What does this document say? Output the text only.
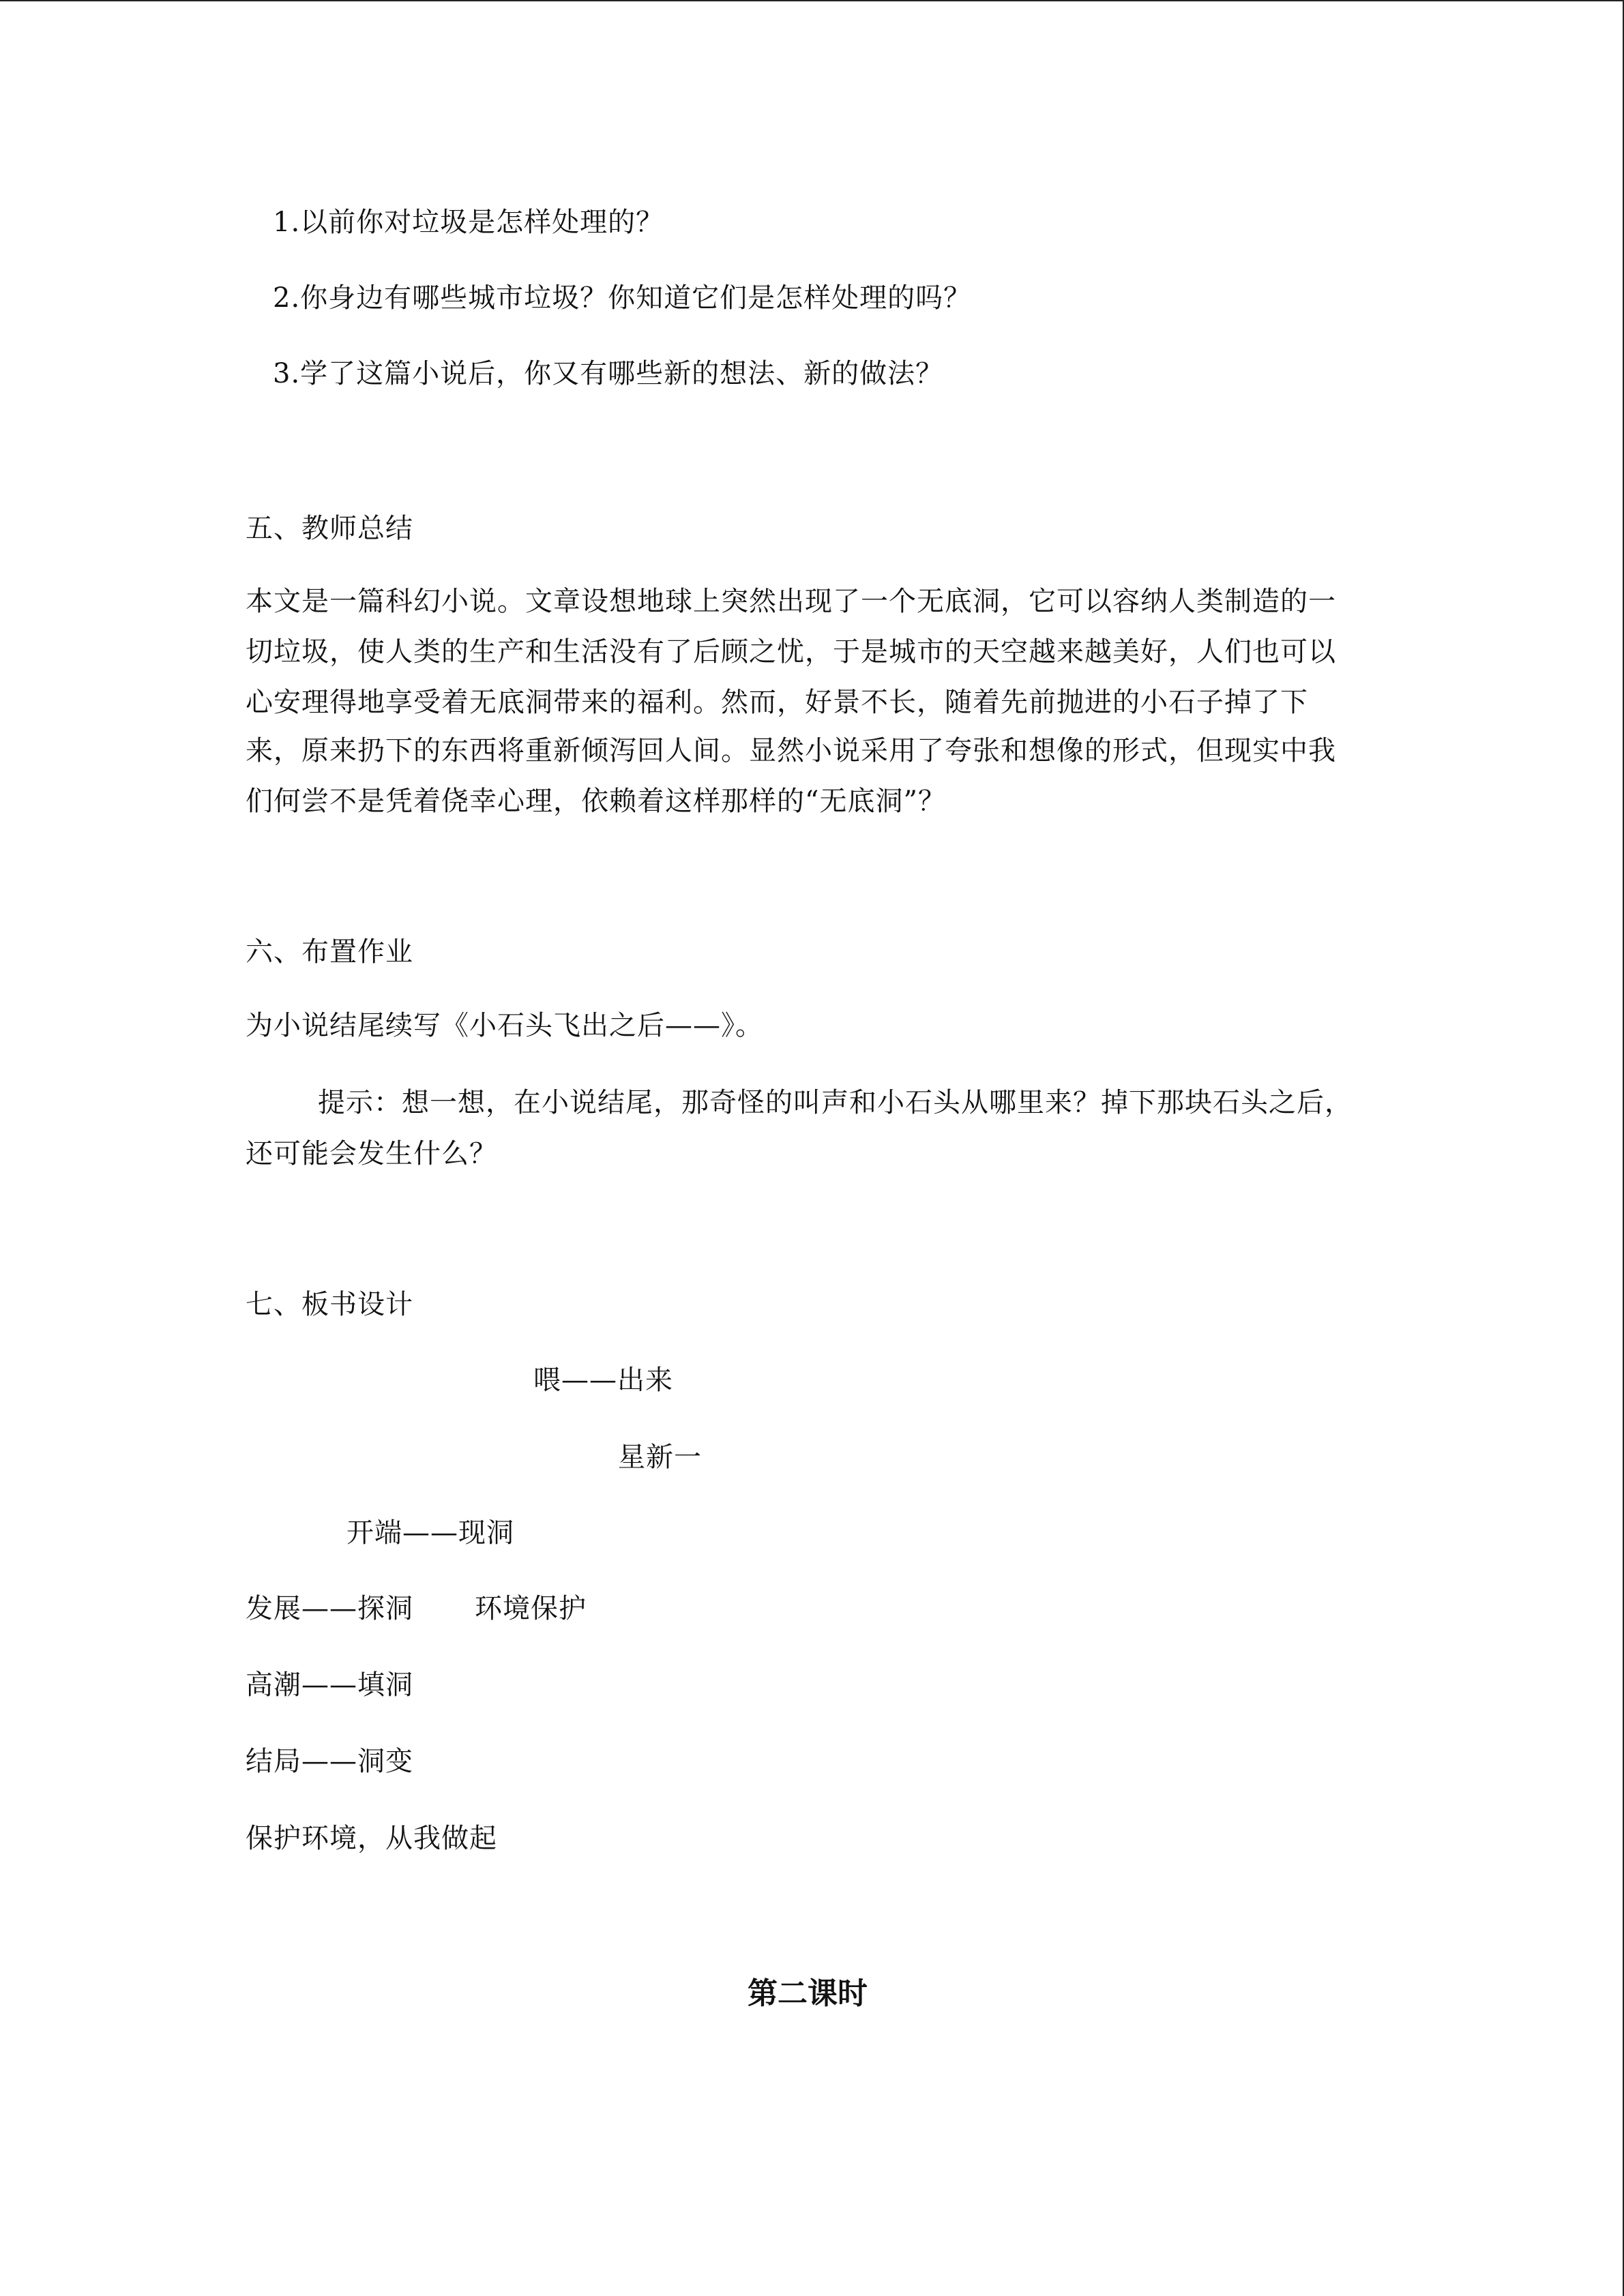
1.以前你对垃圾是怎样处理的？
2.你身边有哪些城市垃圾？你知道它们是怎样处理的吗？
3.学了这篇小说后，你又有哪些新的想法、新的做法？
五、教师总结
本文是一篇科幻小说。文章设想地球上突然出现了一个无底洞，它可以容纳人类制造的一
切垃圾，使人类的生产和生活没有了后顾之忧，于是城市的天空越来越美好，人们也可以
心安理得地享受着无底洞带来的福利。然而，好景不长，随着先前抛进的小石子掉了下
来，原来扔下的东西将重新倾泻回人间。显然小说采用了夸张和想像的形式，但现实中我
们何尝不是凭着侥幸心理，依赖着这样那样的“无底洞”？
六、布置作业
为小说结尾续写《小石头飞出之后——》。
提示：想一想，在小说结尾，那奇怪的叫声和小石头从哪里来？掉下那块石头之后，
还可能会发生什么？
七、板书设计
喂——出来
星新一
开端——现洞
发展——探洞 环境保护
高潮——填洞
结局——洞变
保护环境，从我做起
第二课时
